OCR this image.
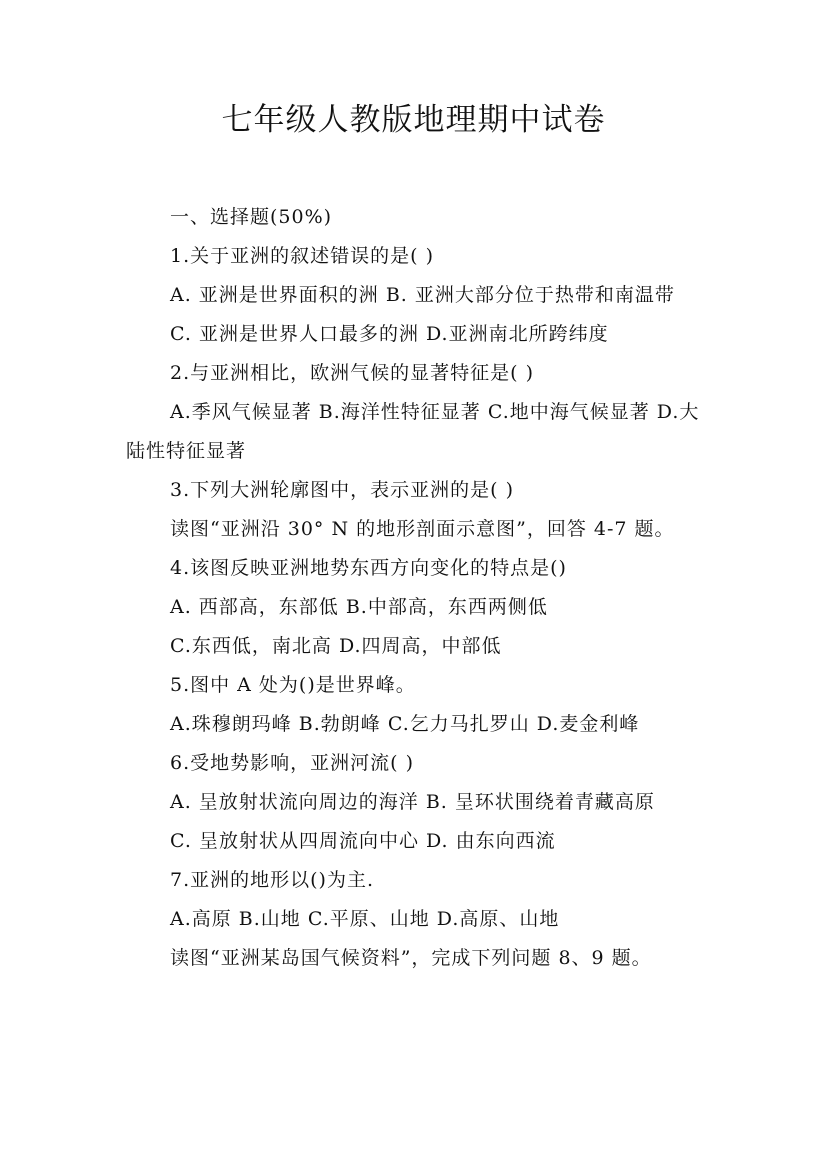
七年级人教版地理期中试卷

一、选择题(50%)

1.关于亚洲的叙述错误的是( )

A. 亚洲是世界面积的洲 B. 亚洲大部分位于热带和南温带

C. 亚洲是世界人口最多的洲 D.亚洲南北所跨纬度

2.与亚洲相比，欧洲气候的显著特征是( )

A.季风气候显著 B.海洋性特征显著 C.地中海气候显著 D.大陆性特征显著

3.下列大洲轮廓图中，表示亚洲的是( )

读图“亚洲沿 30° N 的地形剖面示意图”，回答 4-7 题。

4.该图反映亚洲地势东西方向变化的特点是()

A. 西部高，东部低 B.中部高，东西两侧低

C.东西低，南北高 D.四周高，中部低

5.图中 A 处为()是世界峰。

A.珠穆朗玛峰 B.勃朗峰 C.乞力马扎罗山 D.麦金利峰

6.受地势影响，亚洲河流( )

A. 呈放射状流向周边的海洋 B. 呈环状围绕着青藏高原

C. 呈放射状从四周流向中心 D. 由东向西流

7.亚洲的地形以()为主.

A.高原 B.山地 C.平原、山地 D.高原、山地

读图“亚洲某岛国气候资料”，完成下列问题 8、9 题。
